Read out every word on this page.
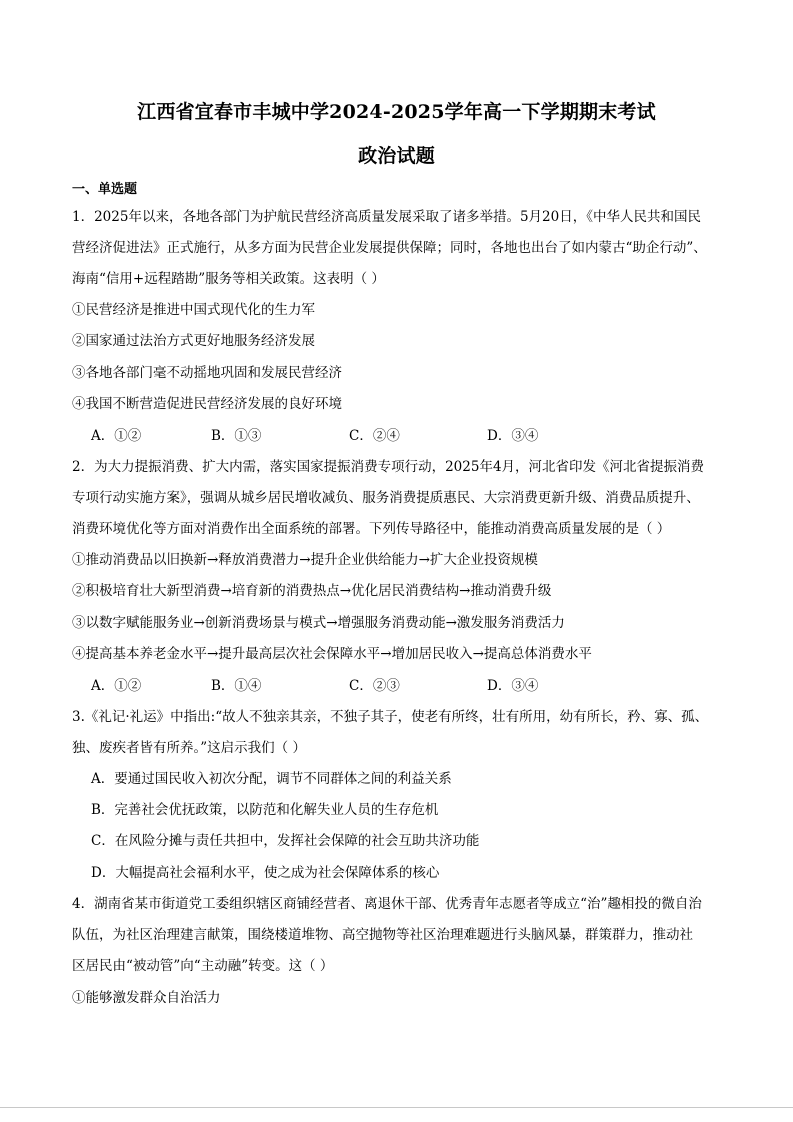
江西省宜春市丰城中学2024-2025学年高一下学期期末考试
政治试题
一、单选题
1．2025年以来，各地各部门为护航民营经济高质量发展采取了诸多举措。5月20日，《中华人民共和国民
营经济促进法》正式施行，从多方面为民营企业发展提供保障；同时，各地也出台了如内蒙古“助企行动”、
海南“信用+远程踏勘”服务等相关政策。这表明（ ）
①民营经济是推进中国式现代化的生力军
②国家通过法治方式更好地服务经济发展
③各地各部门毫不动摇地巩固和发展民营经济
④我国不断营造促进民营经济发展的良好环境
A．①②	B．①③	C．②④	D．③④
2．为大力提振消费、扩大内需，落实国家提振消费专项行动，2025年4月，河北省印发《河北省提振消费
专项行动实施方案》，强调从城乡居民增收减负、服务消费提质惠民、大宗消费更新升级、消费品质提升、
消费环境优化等方面对消费作出全面系统的部署。下列传导路径中，能推动消费高质量发展的是（ ）
①推动消费品以旧换新→释放消费潜力→提升企业供给能力→扩大企业投资规模
②积极培育壮大新型消费→培育新的消费热点→优化居民消费结构→推动消费升级
③以数字赋能服务业→创新消费场景与模式→增强服务消费动能→激发服务消费活力
④提高基本养老金水平→提升最高层次社会保障水平→增加居民收入→提高总体消费水平
A．①②	B．①④	C．②③	D．③④
3.《礼记·礼运》中指出:“故人不独亲其亲，不独子其子，使老有所终，壮有所用，幼有所长，矜、寡、孤、
独、废疾者皆有所养。”这启示我们（ ）
A．要通过国民收入初次分配，调节不同群体之间的利益关系
B．完善社会优抚政策，以防范和化解失业人员的生存危机
C．在风险分摊与责任共担中，发挥社会保障的社会互助共济功能
D．大幅提高社会福利水平，使之成为社会保障体系的核心
4．湖南省某市街道党工委组织辖区商铺经营者、离退休干部、优秀青年志愿者等成立“治”趣相投的微自治
队伍，为社区治理建言献策，围绕楼道堆物、高空抛物等社区治理难题进行头脑风暴，群策群力，推动社
区居民由“被动管”向“主动融”转变。这（ ）
①能够激发群众自治活力
